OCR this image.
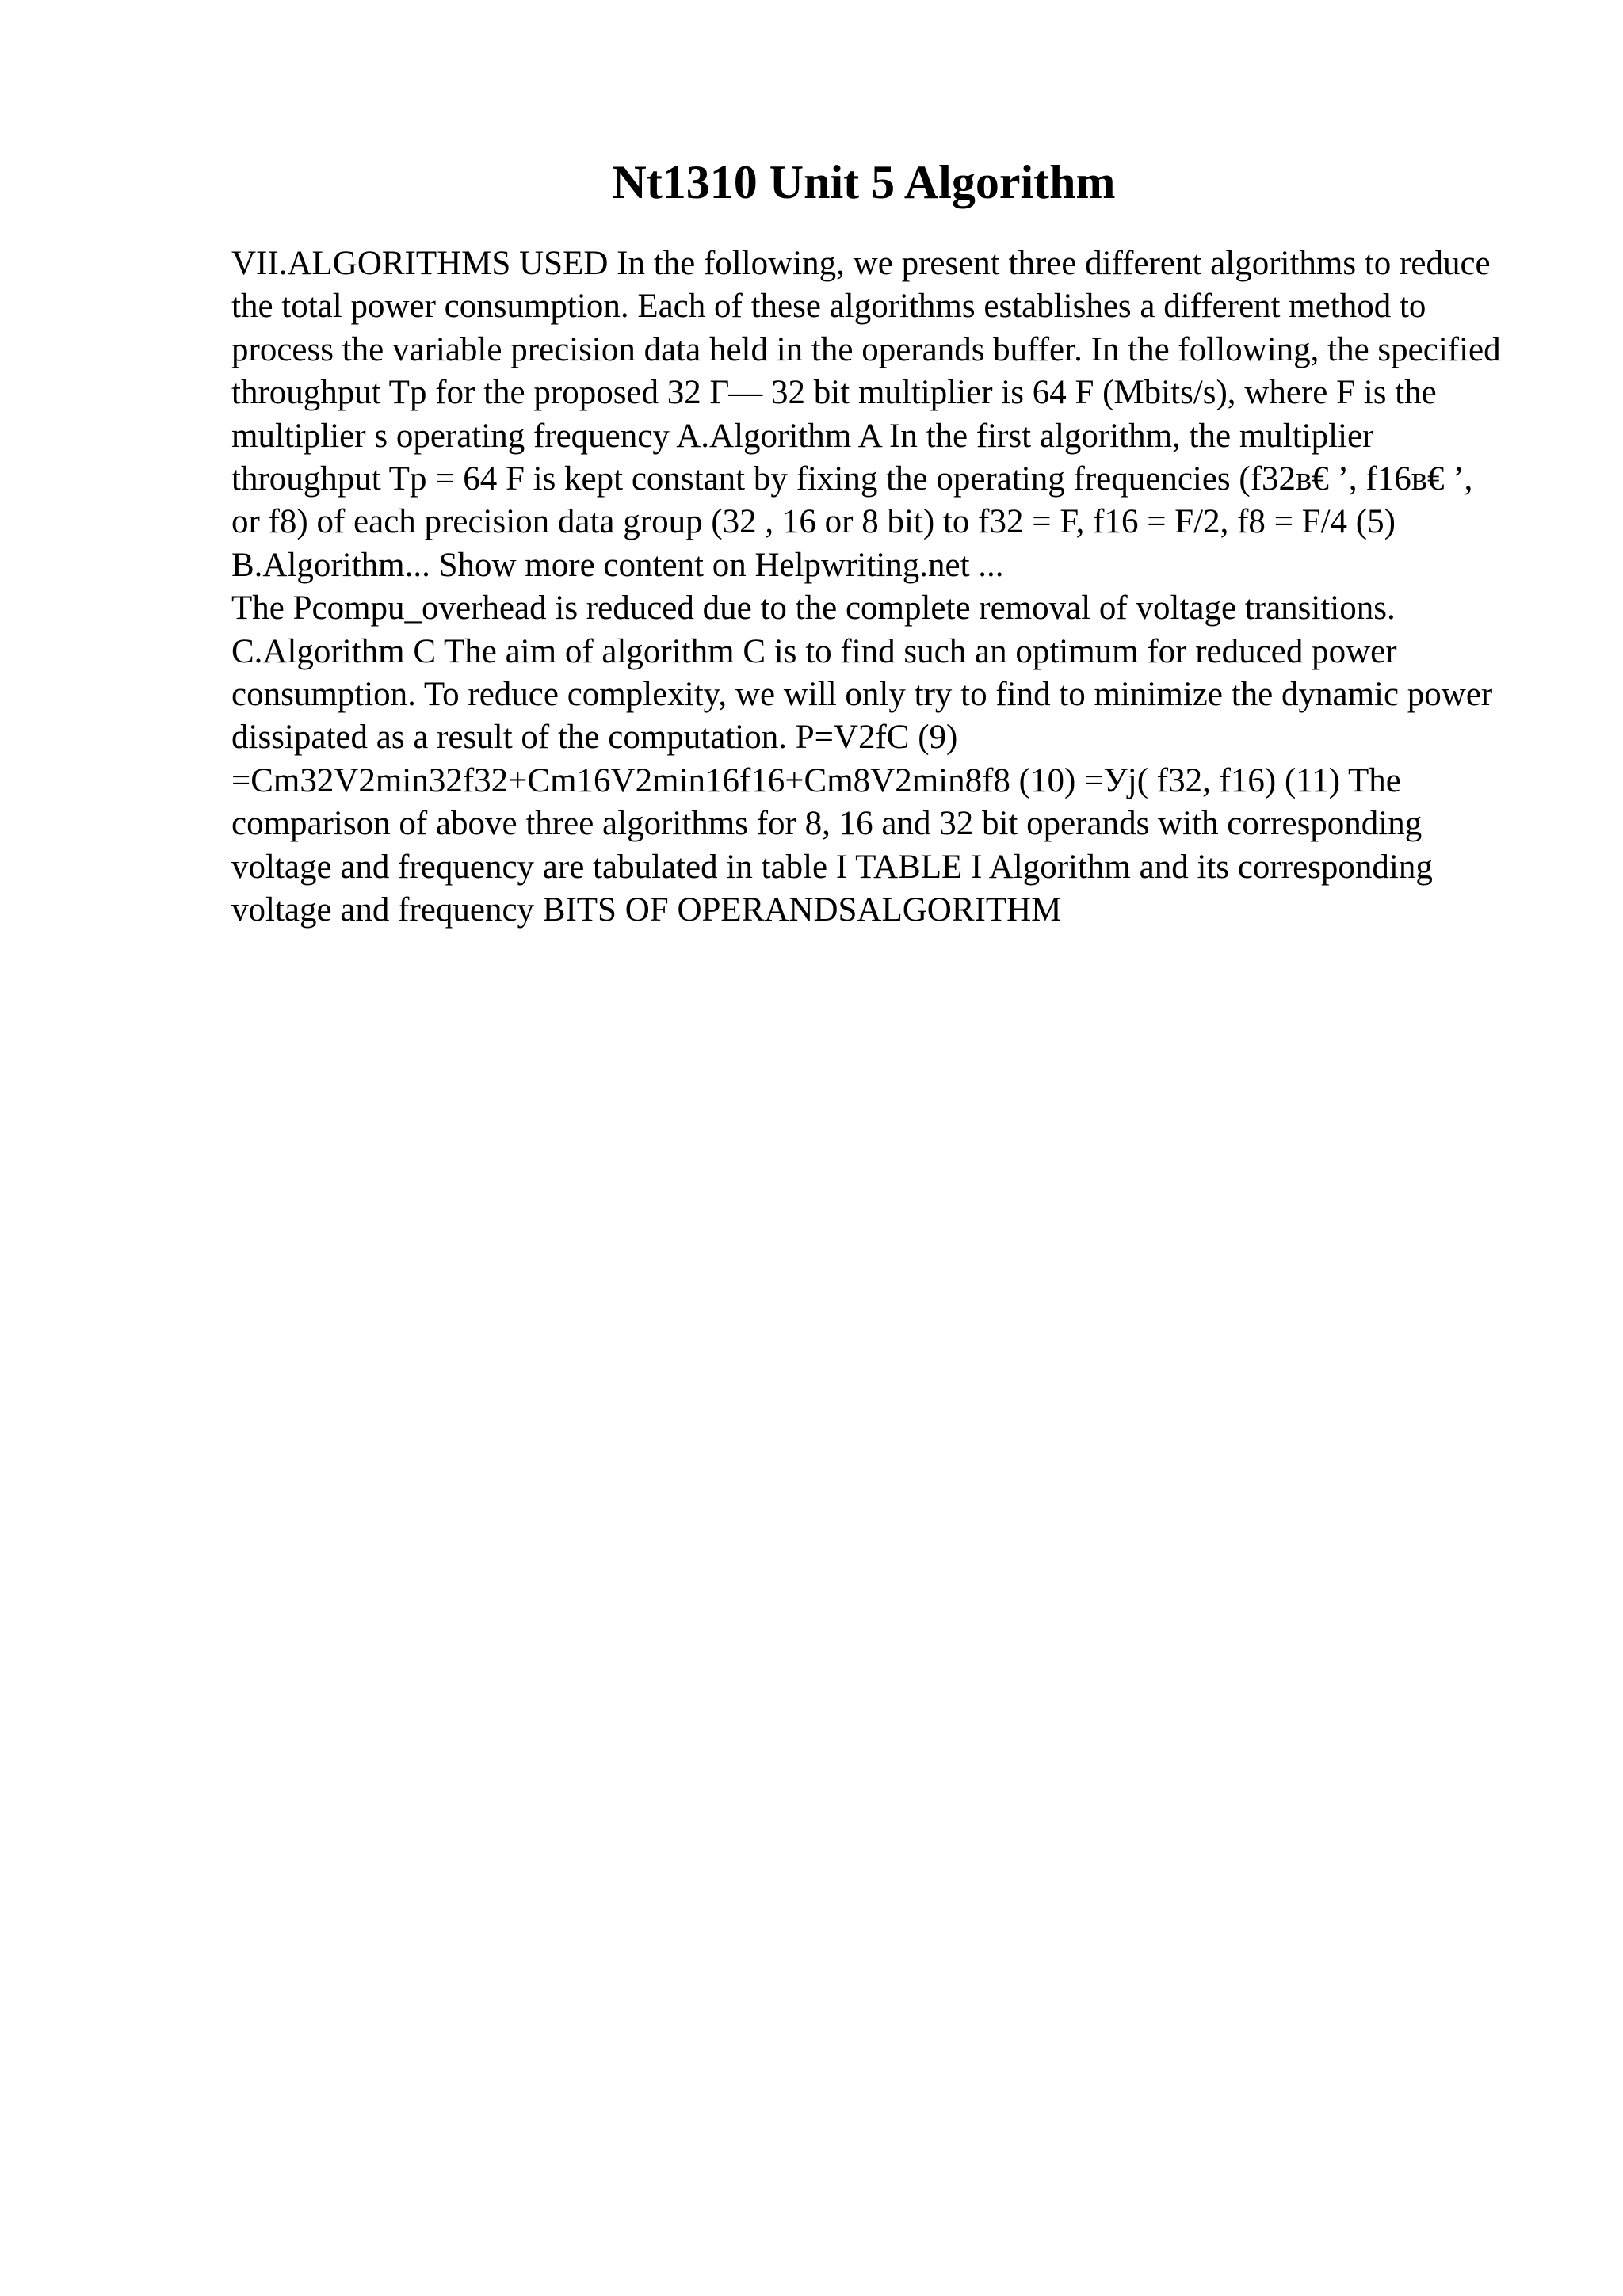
Nt1310 Unit 5 Algorithm

VII.ALGORITHMS USED In the following, we present three different algorithms to reduce the total power consumption. Each of these algorithms establishes a different method to process the variable precision data held in the operands buffer. In the following, the specified throughput Tp for the proposed 32 Г— 32 bit multiplier is 64 F (Mbits/s), where F is the multiplier s operating frequency A.Algorithm A In the first algorithm, the multiplier throughput Tp = 64 F is kept constant by fixing the operating frequencies (f32в€ ’, f16в€ ’, or f8) of each precision data group (32 , 16 or 8 bit) to f32 = F, f16 = F/2, f8 = F/4 (5) B.Algorithm... Show more content on Helpwriting.net ...

The Pcompu_overhead is reduced due to the complete removal of voltage transitions. C.Algorithm C The aim of algorithm C is to find such an optimum for reduced power consumption. To reduce complexity, we will only try to find to minimize the dynamic power dissipated as a result of the computation. P=V2fC (9) =Cm32V2min32f32+Cm16V2min16f16+Cm8V2min8f8 (10) =Уj( f32, f16) (11) The comparison of above three algorithms for 8, 16 and 32 bit operands with corresponding voltage and frequency are tabulated in table I TABLE I Algorithm and its corresponding voltage and frequency BITS OF OPERANDSALGORITHM
